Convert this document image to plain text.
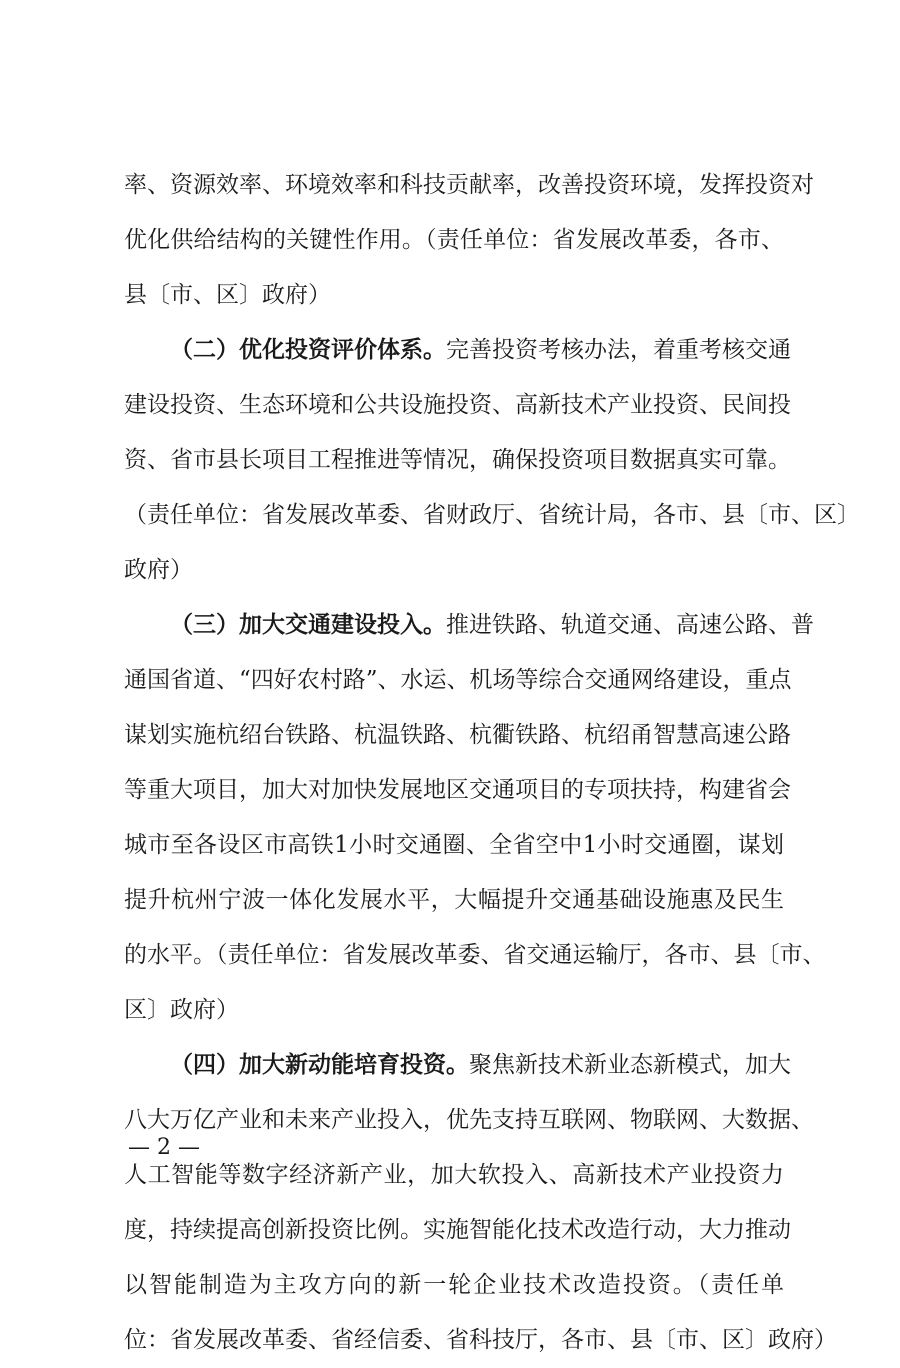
率、资源效率、环境效率和科技贡献率，改善投资环境，发挥投资对
优化供给结构的关键性作用。（责任单位：省发展改革委，各市、
县〔市、区〕政府）
（二）优化投资评价体系。完善投资考核办法，着重考核交通
建设投资、生态环境和公共设施投资、高新技术产业投资、民间投
资、省市县长项目工程推进等情况，确保投资项目数据真实可靠。
（责任单位：省发展改革委、省财政厅、省统计局，各市、县〔市、区〕
政府）
（三）加大交通建设投入。推进铁路、轨道交通、高速公路、普
通国省道、“四好农村路”、水运、机场等综合交通网络建设，重点
谋划实施杭绍台铁路、杭温铁路、杭衢铁路、杭绍甬智慧高速公路
等重大项目，加大对加快发展地区交通项目的专项扶持，构建省会
城市至各设区市高铁1小时交通圈、全省空中1小时交通圈，谋划
提升杭州宁波一体化发展水平，大幅提升交通基础设施惠及民生
的水平。（责任单位：省发展改革委、省交通运输厅，各市、县〔市、
区〕政府）
（四）加大新动能培育投资。聚焦新技术新业态新模式，加大
八大万亿产业和未来产业投入，优先支持互联网、物联网、大数据、
人工智能等数字经济新产业，加大软投入、高新技术产业投资力
度，持续提高创新投资比例。实施智能化技术改造行动，大力推动
以智能制造为主攻方向的新一轮企业技术改造投资。（责任单
位：省发展改革委、省经信委、省科技厅，各市、县〔市、区〕政府）
— 2 —
